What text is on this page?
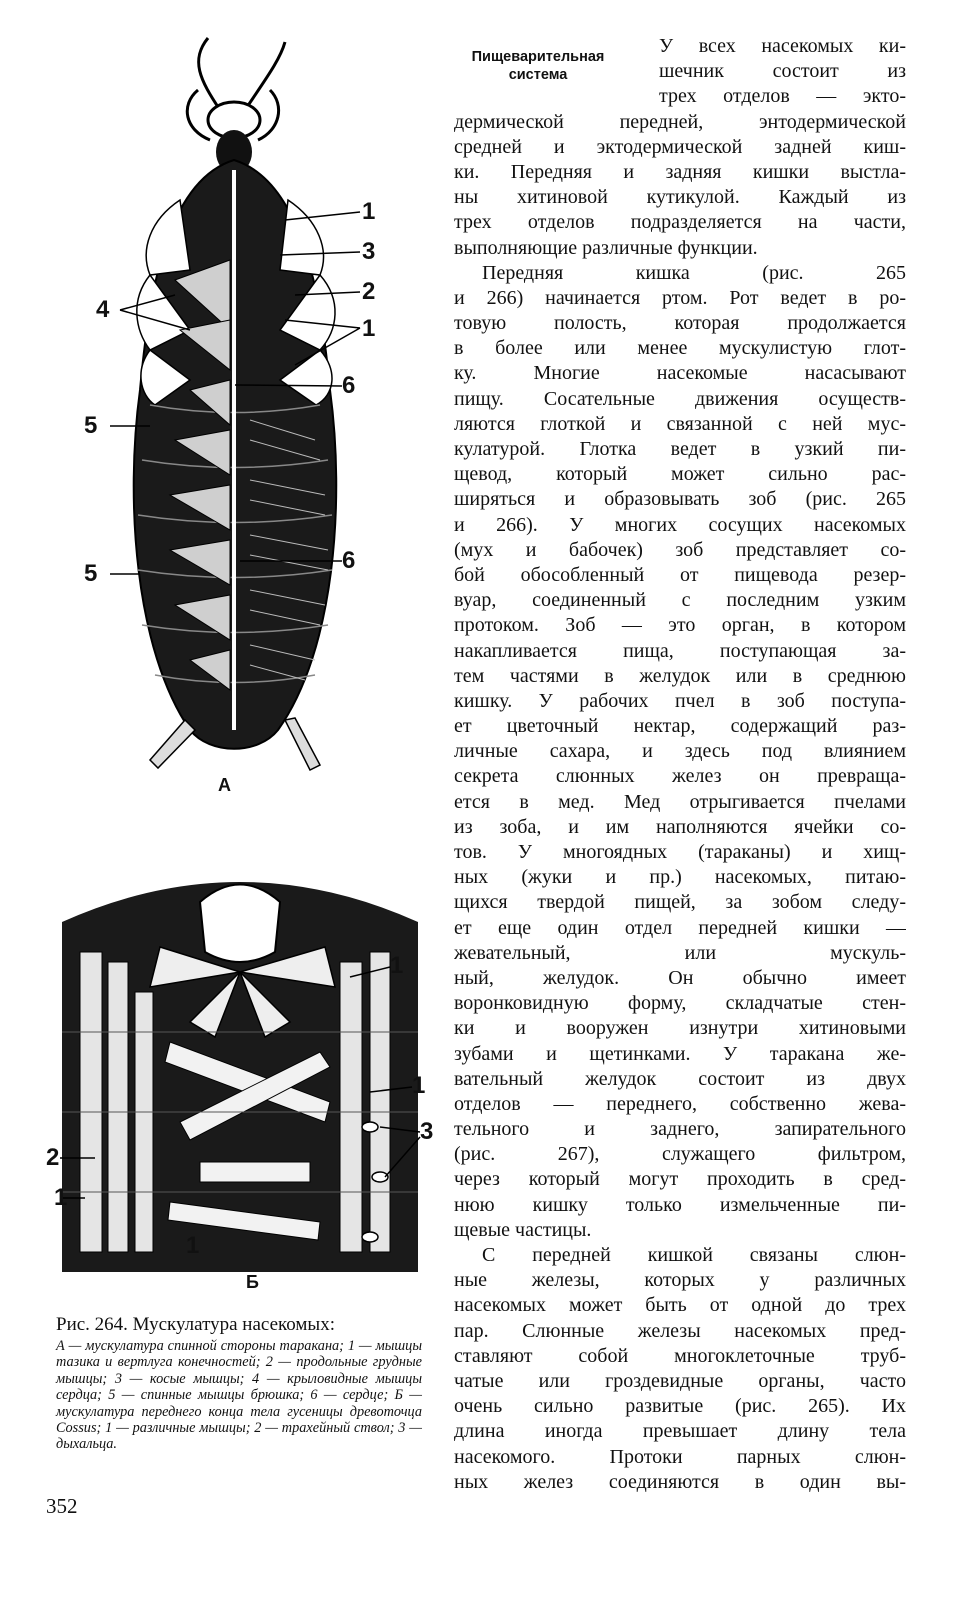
1
3
2
1
4
6
5
5	6
А
1
1
3
2
1
1
Б
Рис. 264. Мускулатура насекомых:
А — мускулатура спинной стороны таракана; 1 — мышцы тазика и вертлуга конечностей; 2 — продольные грудные мышцы; 3 — косые мышцы; 4 — крыловидные мышцы сердца; 5 — спинные мышцы брюшка; 6 — сердце; Б — мускулатура переднего конца тела гусеницы древоточца Cossus; 1 — различные мышцы; 2 — трахейный ствол; 3 — дыхальца.
352
Пищеварительная
система
У всех насекомых ки-
шечник состоит из
трех отделов — экто-
дермической передней, энтодермической
средней и эктодермической задней киш-
ки. Передняя и задняя кишки выстла-
ны хитиновой кутикулой. Каждый из
трех отделов подразделяется на части,
выполняющие различные функции.
Передняя кишка (рис. 265
и 266) начинается ртом. Рот ведет в ро-
товую полость, которая продолжается
в более или менее мускулистую глот-
ку. Многие насекомые насасывают
пищу. Сосательные движения осуществ-
ляются глоткой и связанной с ней мус-
кулатурой. Глотка ведет в узкий пи-
щевод, который может сильно рас-
ширяться и образовывать зоб (рис. 265
и 266). У многих сосущих насекомых
(мух и бабочек) зоб представляет со-
бой обособленный от пищевода резер-
вуар, соединенный с последним узким
протоком. Зоб — это орган, в котором
накапливается пища, поступающая за-
тем частями в желудок или в среднюю
кишку. У рабочих пчел в зоб поступа-
ет цветочный нектар, содержащий раз-
личные сахара, и здесь под влиянием
секрета слюнных желез он превраща-
ется в мед. Мед отрыгивается пчелами
из зоба, и им наполняются ячейки со-
тов. У многоядных (тараканы) и хищ-
ных (жуки и пр.) насекомых, питаю-
щихся твердой пищей, за зобом следу-
ет еще один отдел передней кишки —
жевательный, или мускуль-
ный, желудок. Он обычно имеет
воронковидную форму, складчатые стен-
ки и вооружен изнутри хитиновыми
зубами и щетинками. У таракана же-
вательный желудок состоит из двух
отделов — переднего, собственно жева-
тельного и заднего, запирательного
(рис. 267), служащего фильтром,
через который могут проходить в сред-
нюю кишку только измельченные пи-
щевые частицы.
С передней кишкой связаны слюн-
ные железы, которых у различных
насекомых может быть от одной до трех
пар. Слюнные железы насекомых пред-
ставляют собой многоклеточные труб-
чатые или гроздевидные органы, часто
очень сильно развитые (рис. 265). Их
длина иногда превышает длину тела
насекомого. Протоки парных слюн-
ных желез соединяются в один вы-
